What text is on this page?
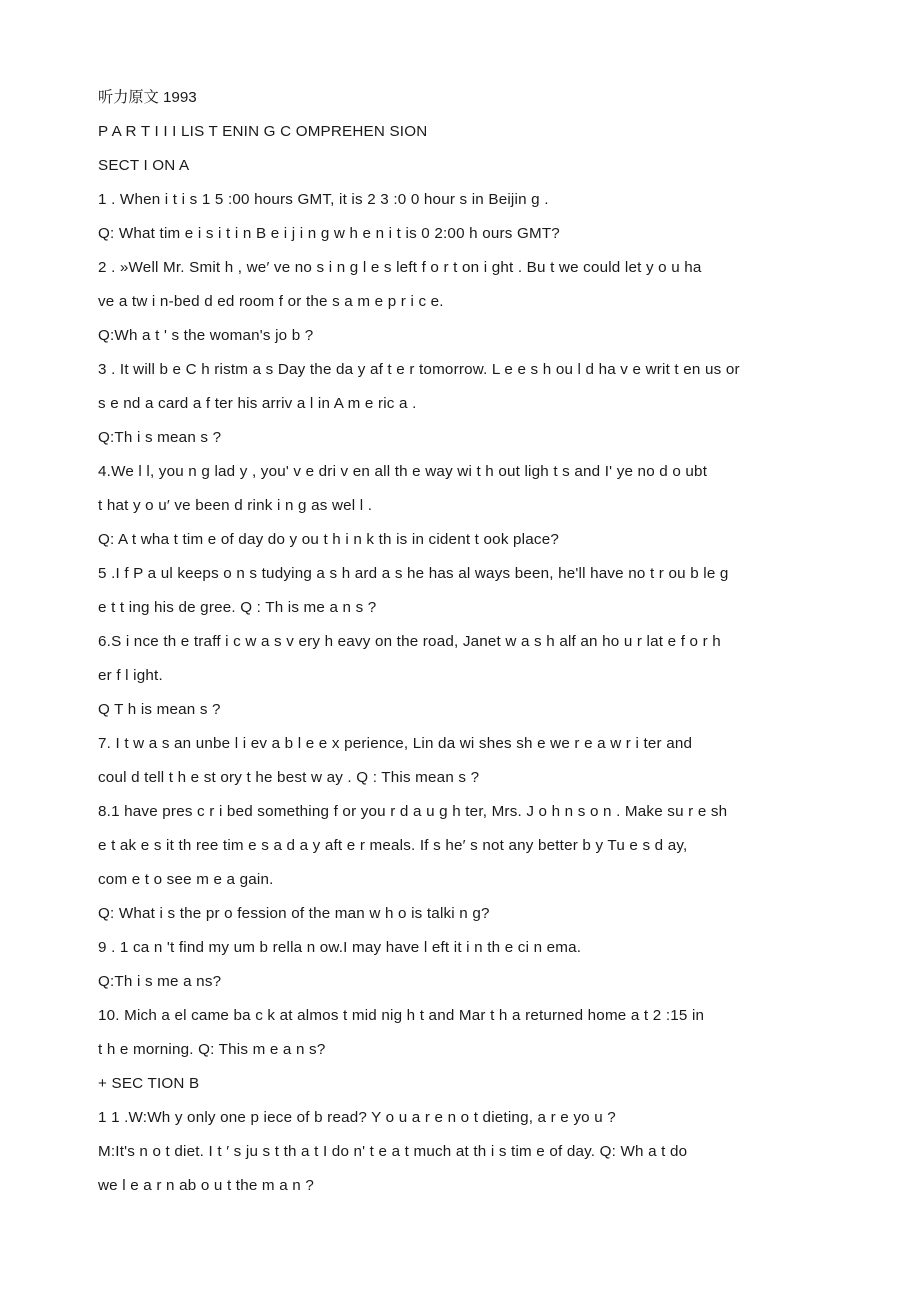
听力原文 1993
P A R T I I I LIS T ENIN G C OMPREHEN SION
SECT I ON A
1 . When i t i s 1 5 :00 hours GMT, it is 2 3 :0 0 hour s in Beijin g .
Q: What tim e i s i t i n B e i j i n g w h e n i t is 0 2:00 h ours GMT?
2 . »Well Mr. Smit h , we′ ve no s i n g l e s left f o r t on i ght . Bu t we could let y o u ha
ve a tw i n-bed d ed room f or the s a m e p r i c e.
Q:Wh a t ' s the woman's jo b ?
3 . It will b e C h ristm a s Day the da y af t e r tomorrow. L e e s h ou l d ha v e writ t en us or
s e nd a card a f ter his arriv a l in A m e ric a .
Q:Th i s mean s ?
4.We l l, you n g lad y , you' v e dri v en all th e way wi t h out ligh t s and I' ye no d o ubt
t hat y o u′ ve been d rink i n g as wel l .
Q: A t wha t tim e of day do y ou t h i n k th is in cident t ook place?
5 .I f P a ul keeps o n s tudying a s h ard a s he has al ways been, he'll have no t r ou b le g
e t t ing his de gree. Q : Th is me a n s ?
6.S i nce th e traff i c w a s v ery h eavy on the road, Janet w a s h alf an ho u r lat e f o r h
er f l ight.
Q T h is mean s ?
7. I t w a s an unbe l i ev a b l e e x perience, Lin da wi shes sh e we r e a w r i ter and
coul d tell t h e st ory t he best w ay . Q : This mean s ?
8.1 have pres c r i bed something f or you r d a u g h ter, Mrs. J o h n s o n . Make su r e sh
e t ak e s it th ree tim e s a d a y aft e r meals. If s he′ s not any better b y Tu e s d ay,
com e t o see m e a gain.
Q: What i s the pr o fession of the man w h o is talki n g?
9 . 1 ca n 't find my um b rella n ow.I may have l eft it i n th e ci n ema.
Q:Th i s me a ns?
10. Mich a el came ba c k at almos t mid nig h t and Mar t h a returned home a t 2 :15 in
t h e morning. Q: This m e a n s?
+ SEC TION B
1 1 .W:Wh y only one p iece of b read? Y o u a r e n o t dieting, a r e yo u ?
M:It's n o t diet. I t ′ s ju s t th a t I do n' t e a t much at th i s tim e of day. Q: Wh a t do
we l e a r n ab o u t the m a n ?
